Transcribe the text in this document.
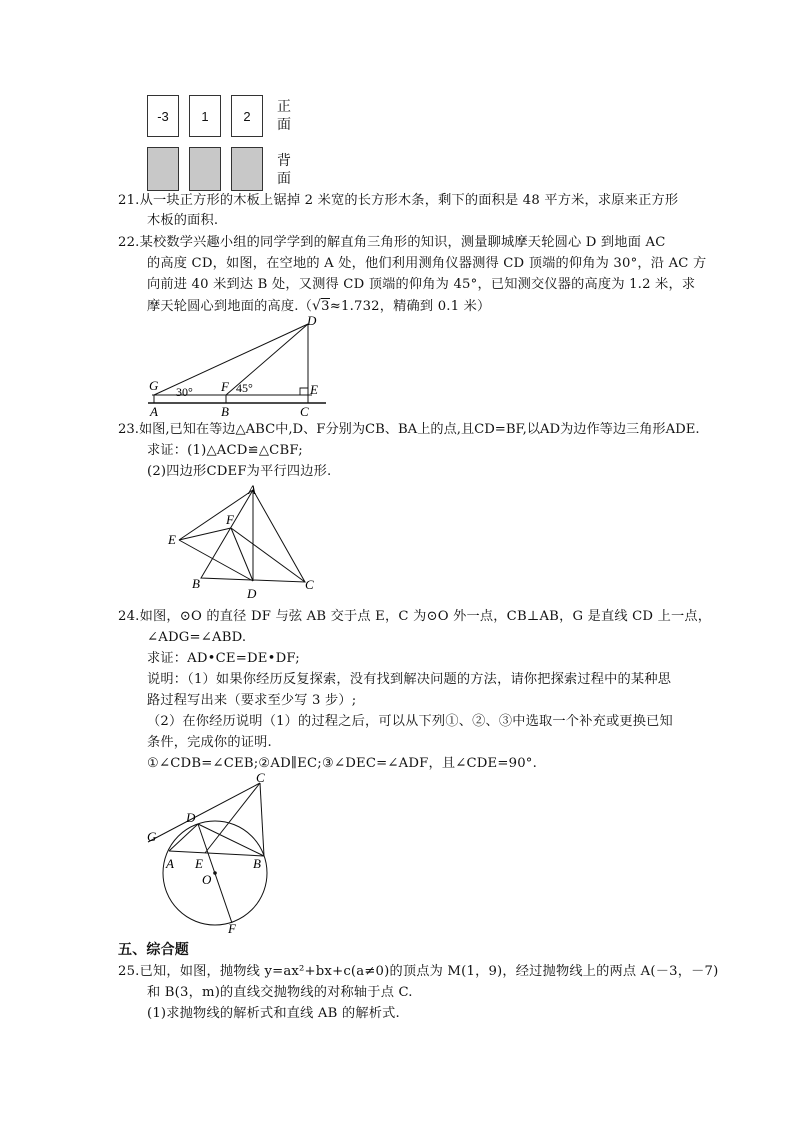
-3	1	2
正
面
背
面
21.从一块正方形的木板上锯掉 2 米宽的长方形木条，剩下的面积是 48 平方米，求原来正方形
木板的面积.
22.某校数学兴趣小组的同学学到的解直角三角形的知识，测量聊城摩天轮圆心 D 到地面 AC
的高度 CD，如图，在空地的 A 处，他们利用测角仪器测得 CD 顶端的仰角为 30°，沿 AC 方
向前进 40 米到达 B 处，又测得 CD 顶端的仰角为 45°，已知测交仪器的高度为 1.2 米，求
摩天轮圆心到地面的高度.（√3≈1.732，精确到 0.1 米）
D
G 30° F 45°	E
A	B	C
23.如图,已知在等边△ABC中,D、F分别为CB、BA上的点,且CD=BF,以AD为边作等边三角形ADE.
求证：(1)△ACD≌△CBF;
(2)四边形CDEF为平行四边形.
A
E
F
B
D
C
24.如图，⊙O 的直径 DF 与弦 AB 交于点 E，C 为⊙O 外一点，CB⊥AB，G 是直线 CD 上一点，
∠ADG=∠ABD.
求证：AD•CE=DE•DF;
说明：（1）如果你经历反复探索，没有找到解决问题的方法，请你把探索过程中的某种思
路过程写出来（要求至少写 3 步）;
（2）在你经历说明（1）的过程之后，可以从下列①、②、③中选取一个补充或更换已知
条件，完成你的证明.
①∠CDB=∠CEB;②AD∥EC;③∠DEC=∠ADF，且∠CDE=90°.
C
D
G
A E	B
O
F
五、综合题
25.已知，如图，抛物线 y=ax²+bx+c(a≠0)的顶点为 M(1，9)，经过抛物线上的两点 A(－3，－7)
和 B(3，m)的直线交抛物线的对称轴于点 C.
(1)求抛物线的解析式和直线 AB 的解析式.
